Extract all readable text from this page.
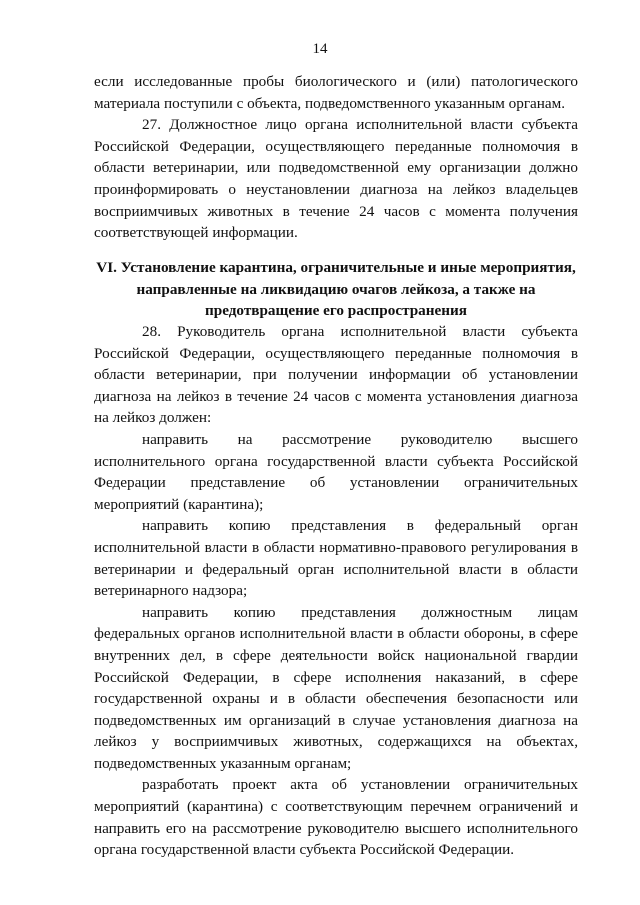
14

если исследованные пробы биологического и (или) патологического материала поступили с объекта, подведомственного указанным органам.

27. Должностное лицо органа исполнительной власти субъекта Российской Федерации, осуществляющего переданные полномочия в области ветеринарии, или подведомственной ему организации должно проинформировать о неустановлении диагноза на лейкоз владельцев восприимчивых животных в течение 24 часов с момента получения соответствующей информации.

VI. Установление карантина, ограничительные и иные мероприятия, направленные на ликвидацию очагов лейкоза, а также на предотвращение его распространения

28. Руководитель органа исполнительной власти субъекта Российской Федерации, осуществляющего переданные полномочия в области ветеринарии, при получении информации об установлении диагноза на лейкоз в течение 24 часов с момента установления диагноза на лейкоз должен:

направить на рассмотрение руководителю высшего исполнительного органа государственной власти субъекта Российской Федерации представление об установлении ограничительных мероприятий (карантина);

направить копию представления в федеральный орган исполнительной власти в области нормативно-правового регулирования в ветеринарии и федеральный орган исполнительной власти в области ветеринарного надзора;

направить копию представления должностным лицам федеральных органов исполнительной власти в области обороны, в сфере внутренних дел, в сфере деятельности войск национальной гвардии Российской Федерации, в сфере исполнения наказаний, в сфере государственной охраны и в области обеспечения безопасности или подведомственных им организаций в случае установления диагноза на лейкоз у восприимчивых животных, содержащихся на объектах, подведомственных указанным органам;

разработать проект акта об установлении ограничительных мероприятий (карантина) с соответствующим перечнем ограничений и направить его на рассмотрение руководителю высшего исполнительного органа государственной власти субъекта Российской Федерации.
